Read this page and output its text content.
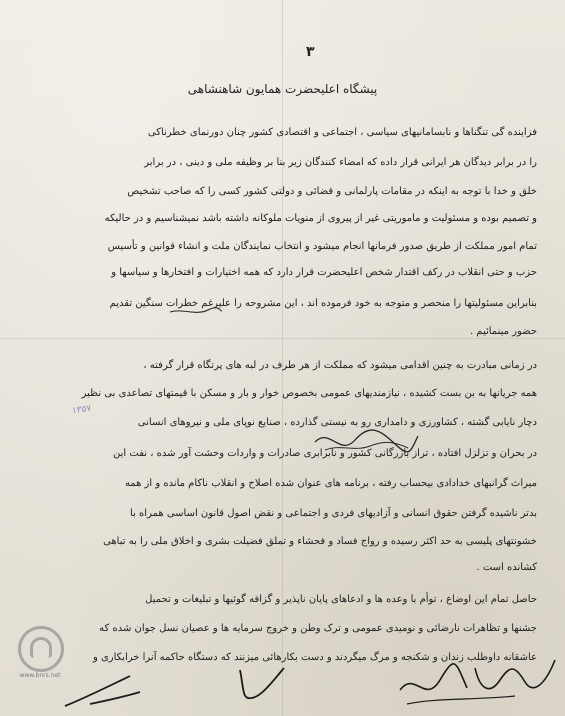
۳
پیشگاه اعلیحضرت همایون شاهنشاهی
فزاینده گی تنگناها و نابسامانیهای سیاسی ، اجتماعی و اقتصادی کشور چنان دورنمای خطرناکی
را در برابر دیدگان هر ایرانی قرار داده که امضاء کنندگان زیر بنا بر وظیفه ملی و دینی ، در برابر
خلق و خدا با توجه به اینکه در مقامات پارلمانی و قضائی و دولتی کشور کسی را که صاحب تشخیص
و تصمیم بوده و مسئولیت و ماموریتی غیر از پیروی از منویات ملوکانه داشته باشد نمیشناسیم و در حالیکه
تمام امور مملکت از طریق صدور فرمانها انجام میشود و انتخاب نمایندگان ملت و انشاء قوانین و تأسیس
حزب و حتی انقلاب در رکف اقتدار شخص اعلیحضرت قرار دارد که همه اختیارات و افتخارها و سیاسها و
بنابراین مسئولیتها را منحصر و متوجه به خود فرموده اند ، این مشروحه را علیرغم خطرات سنگین تقدیم
حضور مینمائیم .
در زمانی مبادرت به چنین اقدامی میشود که مملکت از هر طرف در لبه های پرتگاه قرار گرفته ،
همه جریانها به بن بست کشیده ، نیازمندیهای عمومی بخصوص خوار و بار و مسکن با قیمتهای تصاعدی بی نظیر
دچار نایابی گشته ، کشاورزی و دامداری رو به نیستی گذارده ، صنایع نوپای ملی و نیروهای انسانی
در بحران و تزلزل افتاده ، تراز بازرگانی کشور و نابرابری صادرات و واردات وحشت آور شده ، نفت این
میراث گرانبهای خدادادی بیحساب رفته ، برنامه های عنوان شده اصلاح و انقلاب ناکام مانده و از همه
بدتر ناشیده گرفتن حقوق انسانی و آزادیهای فردی و اجتماعی و نقض اصول قانون اساسی همراه با
خشونتهای پلیسی به حد اکثر رسیده و رواج فساد و فحشاء و تملق فضیلت بشری و اخلاق ملی را به تباهی
کشانده است .
حاصل تمام این اوضاع ، توأم با وعده ها و ادعاهای پایان ناپذیر و گزافه گوئیها و تبلیغات و تحمیل
جشنها و تظاهرات نارضائی و نومیدی عمومی و ترک وطن و خروج سرمایه ها و عصیان نسل جوان شده که
عاشقانه داوطلب زندان و شکنجه و مرگ میگردند و دست بکارهائی میزنند که دستگاه حاکمه آنرا خرابکاری و
۱۳۵۷
www.bnrs.net
